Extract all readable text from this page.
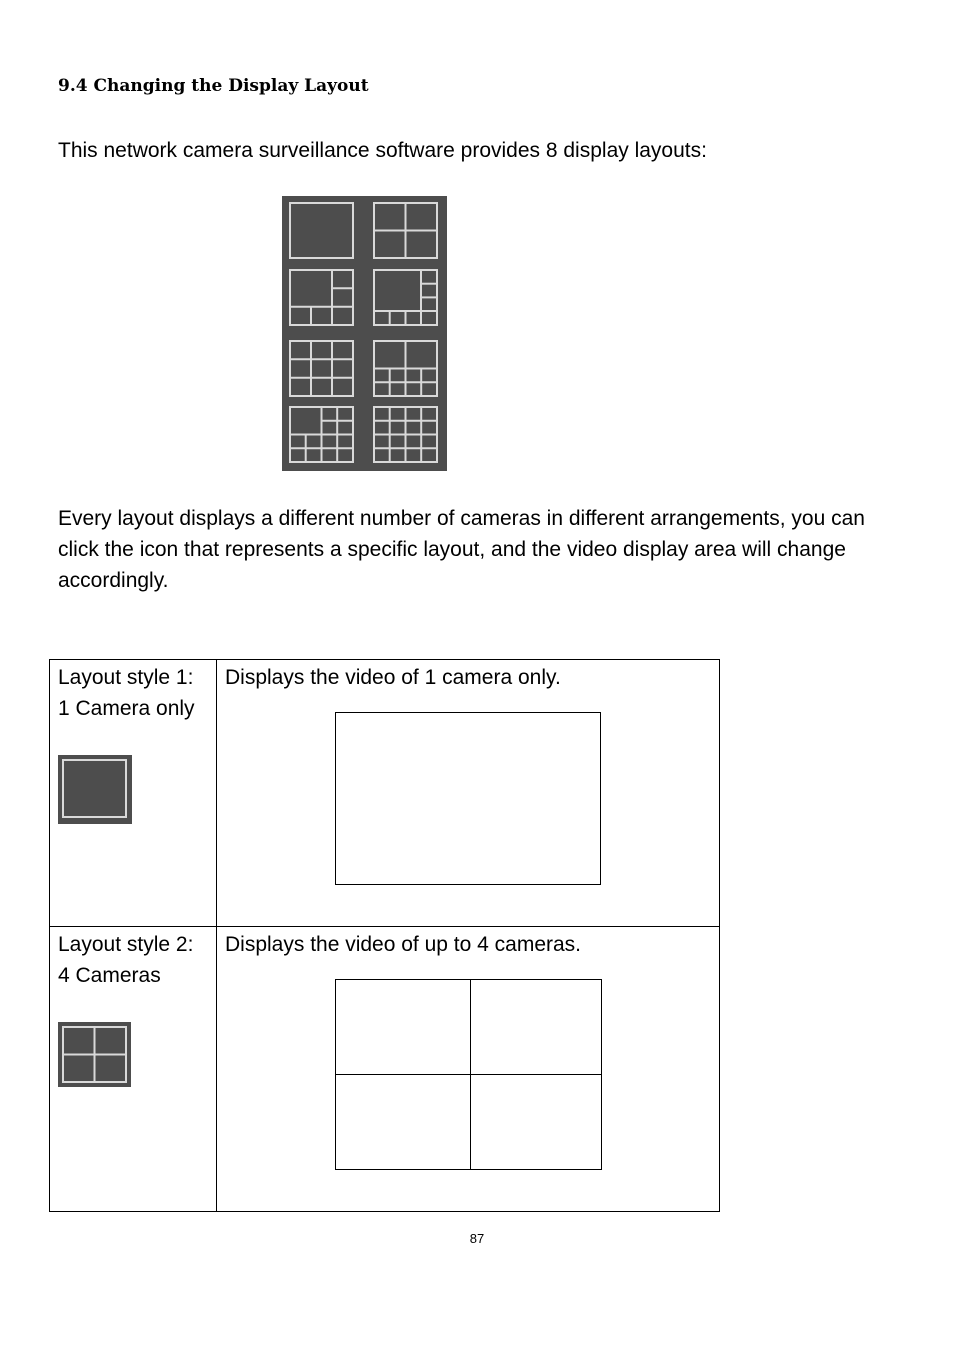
9.4 Changing the Display Layout
This network camera surveillance software provides 8 display layouts:
Every layout displays a different number of cameras in different arrangements, you can click the icon that represents a specific layout, and the video display area will change accordingly.
Layout style 1: 1 Camera only	Displays the video of 1 camera only.

Layout style 2: 4 Cameras	Displays the video of up to 4 cameras.
87
